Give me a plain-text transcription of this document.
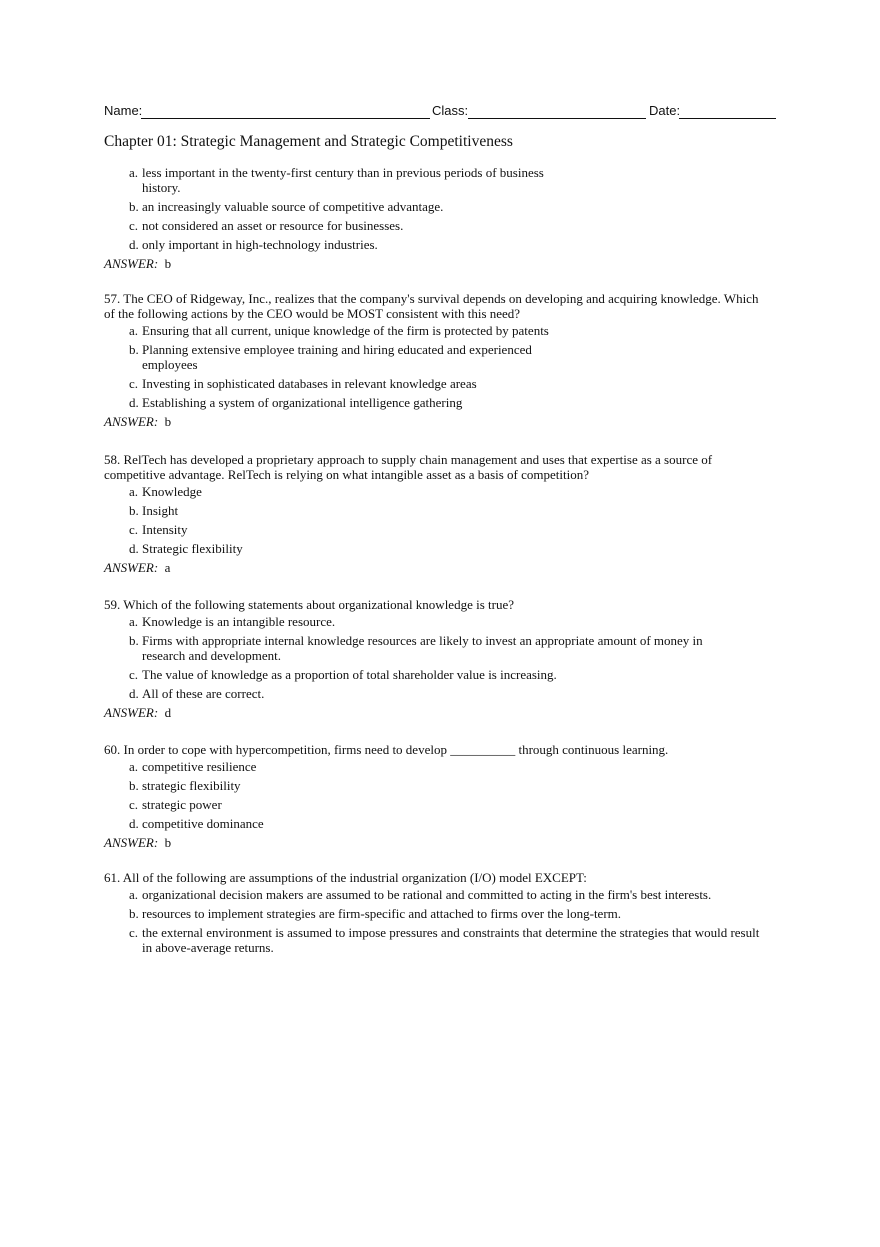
Name:	Class:	Date:
Chapter 01: Strategic Management and Strategic Competitiveness
a. less important in the twenty-first century than in previous periods of business history.
b. an increasingly valuable source of competitive advantage.
c. not considered an asset or resource for businesses.
d. only important in high-technology industries.
ANSWER: b
57. The CEO of Ridgeway, Inc., realizes that the company's survival depends on developing and acquiring knowledge. Which of the following actions by the CEO would be MOST consistent with this need?
a. Ensuring that all current, unique knowledge of the firm is protected by patents
b. Planning extensive employee training and hiring educated and experienced employees
c. Investing in sophisticated databases in relevant knowledge areas
d. Establishing a system of organizational intelligence gathering
ANSWER: b
58. RelTech has developed a proprietary approach to supply chain management and uses that expertise as a source of competitive advantage. RelTech is relying on what intangible asset as a basis of competition?
a. Knowledge
b. Insight
c. Intensity
d. Strategic flexibility
ANSWER: a
59. Which of the following statements about organizational knowledge is true?
a. Knowledge is an intangible resource.
b. Firms with appropriate internal knowledge resources are likely to invest an appropriate amount of money in research and development.
c. The value of knowledge as a proportion of total shareholder value is increasing.
d. All of these are correct.
ANSWER: d
60. In order to cope with hypercompetition, firms need to develop __________ through continuous learning.
a. competitive resilience
b. strategic flexibility
c. strategic power
d. competitive dominance
ANSWER: b
61. All of the following are assumptions of the industrial organization (I/O) model EXCEPT:
a. organizational decision makers are assumed to be rational and committed to acting in the firm's best interests.
b. resources to implement strategies are firm-specific and attached to firms over the long-term.
c. the external environment is assumed to impose pressures and constraints that determine the strategies that would result in above-average returns.
